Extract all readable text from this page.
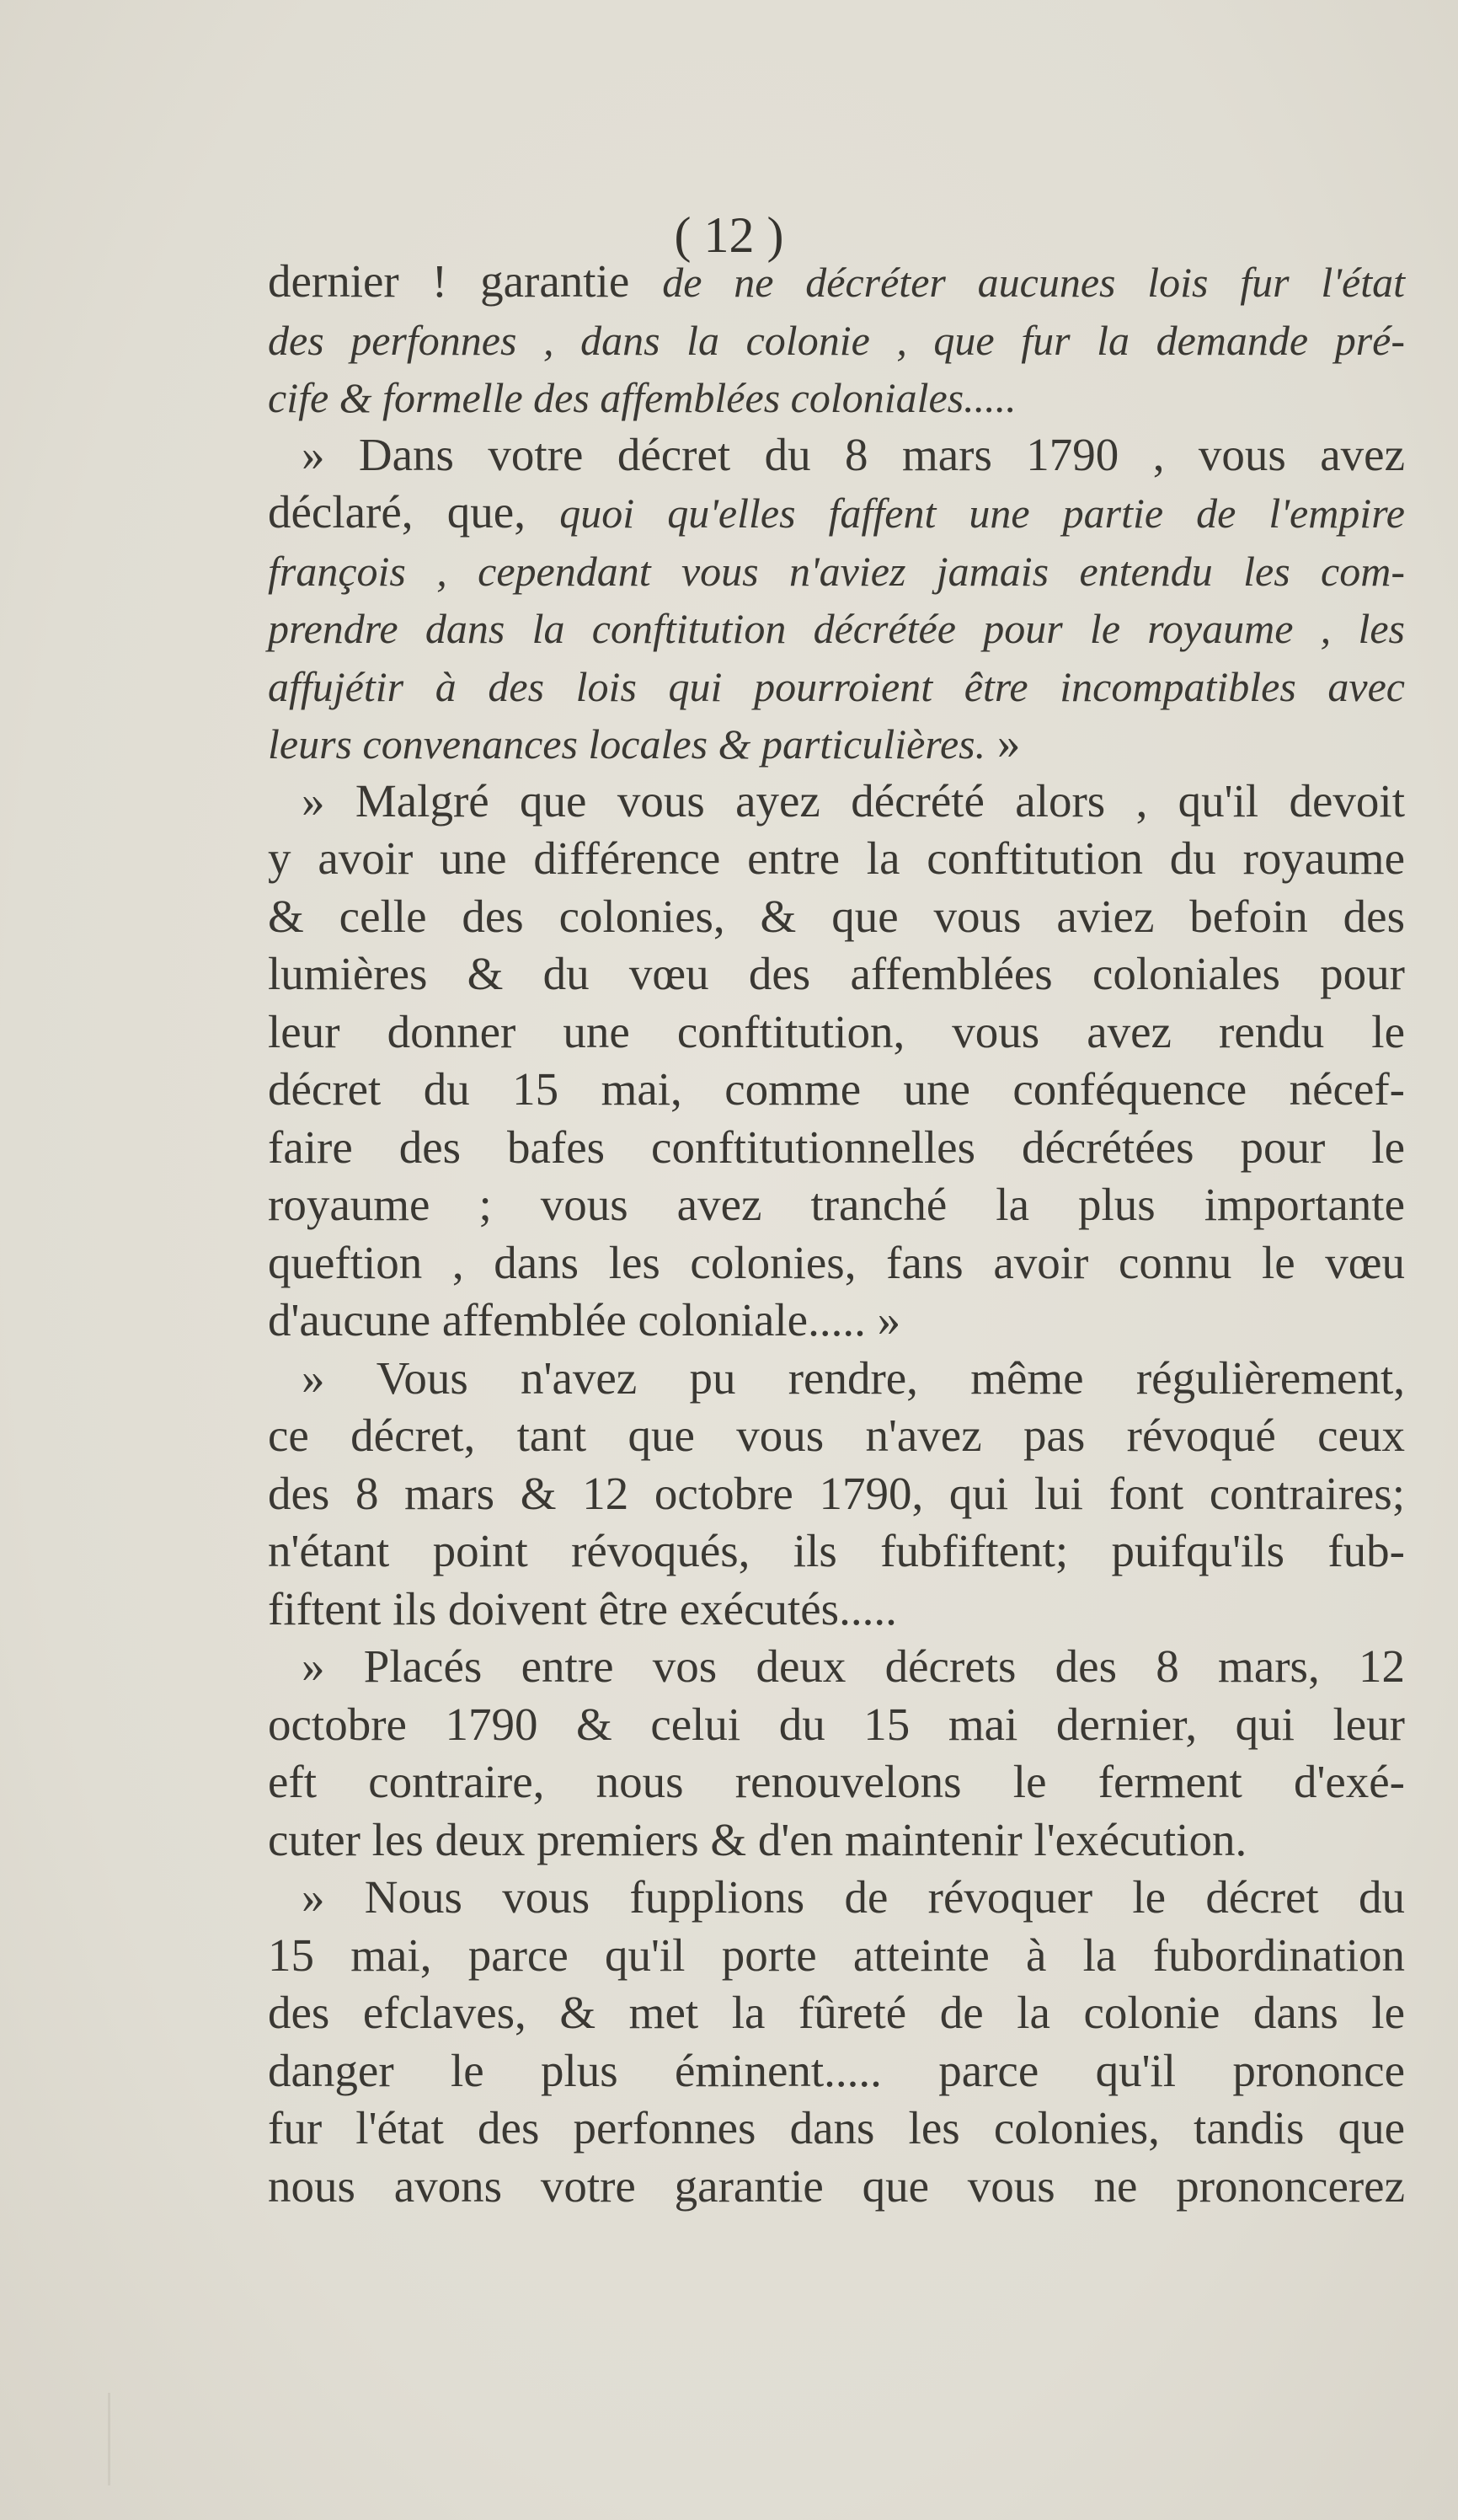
( 12 )
dernier ! garantie de ne décréter aucunes lois fur l'état
des perfonnes , dans la colonie , que fur la demande pré-
cife & formelle des affemblées coloniales.....
» Dans votre décret du 8 mars 1790 , vous avez
déclaré, que, quoi qu'elles faffent une partie de l'empire
françois , cependant vous n'aviez jamais entendu les com-
prendre dans la conftitution décrétée pour le royaume , les
affujétir à des lois qui pourroient être incompatibles avec
leurs convenances locales & particulières. »
» Malgré que vous ayez décrété alors , qu'il devoit
y avoir une différence entre la conftitution du royaume
& celle des colonies, & que vous aviez befoin des
lumières & du vœu des affemblées coloniales pour
leur donner une conftitution, vous avez rendu le
décret du 15 mai, comme une conféquence nécef-
faire des bafes conftitutionnelles décrétées pour le
royaume ; vous avez tranché la plus importante
queftion , dans les colonies, fans avoir connu le vœu
d'aucune affemblée coloniale..... »
» Vous n'avez pu rendre, même régulièrement,
ce décret, tant que vous n'avez pas révoqué ceux
des 8 mars & 12 octobre 1790, qui lui font contraires;
n'étant point révoqués, ils fubfiftent; puifqu'ils fub-
fiftent ils doivent être exécutés.....
» Placés entre vos deux décrets des 8 mars, 12
octobre 1790 & celui du 15 mai dernier, qui leur
eft contraire, nous renouvelons le ferment d'exé-
cuter les deux premiers & d'en maintenir l'exécution.
» Nous vous fupplions de révoquer le décret du
15 mai, parce qu'il porte atteinte à la fubordination
des efclaves, & met la fûreté de la colonie dans le
danger le plus éminent..... parce qu'il prononce
fur l'état des perfonnes dans les colonies, tandis que
nous avons votre garantie que vous ne prononcerez
